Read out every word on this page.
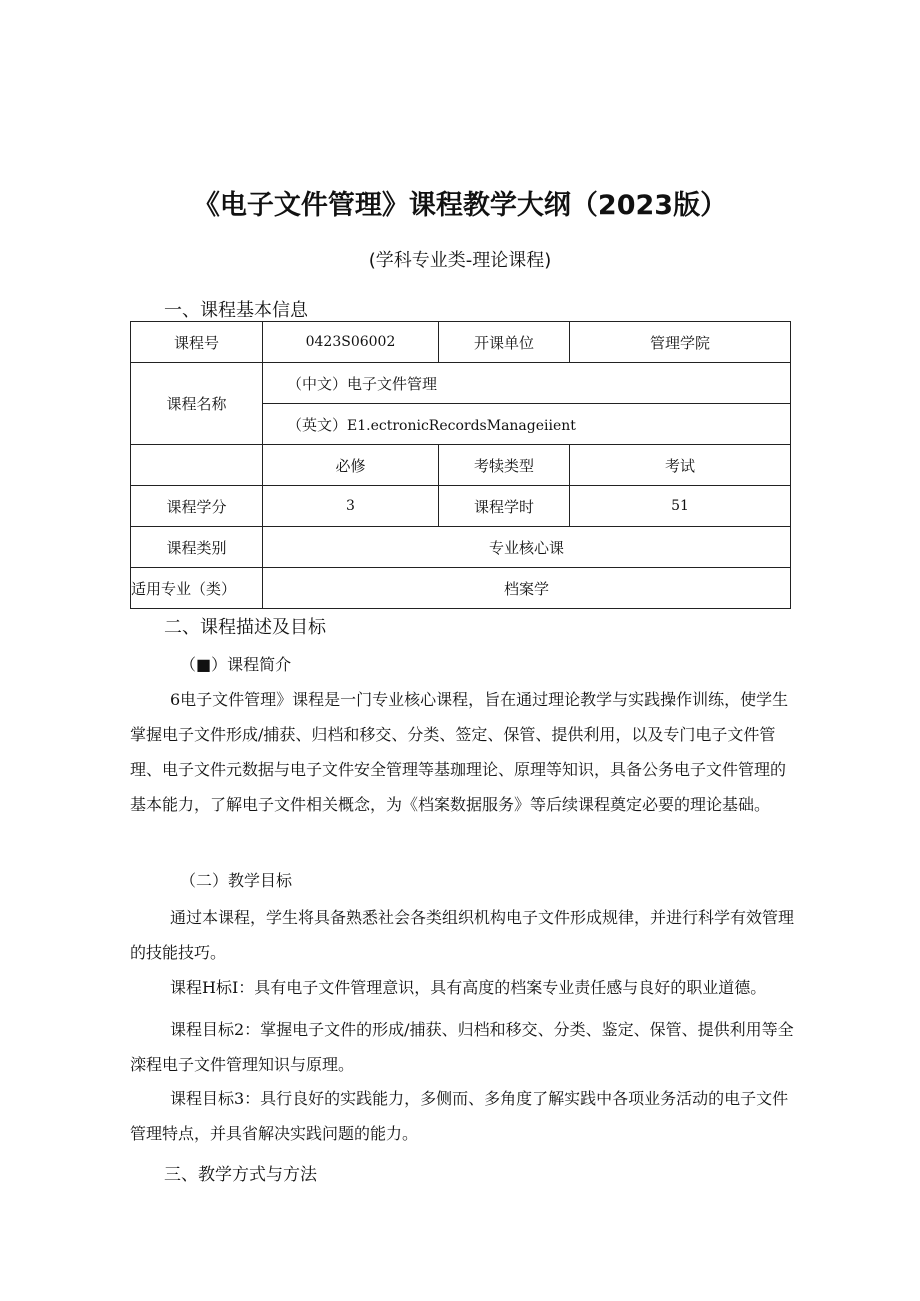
《电子文件管理》课程教学大纲（2023版）
(学科专业类-理论课程)
一、课程基本信息
课程号	0423S06002	开课单位	管理学院
课程名称	（中文）电子文件管理		
	（英文）E1.ectronicRecordsManageiient		
	必修	考犊类型	考试
课程学分	3	课程学时	51
课程类别	专业核心课		
适用专业（类）	档案学		
二、课程描述及目标
（■）课程简介
6电子文件管理》课程是一门专业核心课程，旨在通过理论教学与实践操作训练，使学生掌握电子文件形成/捕获、归档和移交、分类、签定、保管、提供利用，以及专门电子文件管理、电子文件元数据与电子文件安全管理等基珈理论、原理等知识，具备公务电子文件管理的基本能力，了解电子文件相关概念，为《档案数据服务》等后续课程奠定必要的理论基础。
（二）教学目标
通过本课程，学生将具备熟悉社会各类组织机构电子文件形成规律，并进行科学有效管理的技能技巧。
课程H标I：具有电子文件管理意识，具有高度的档案专业责任感与良好的职业道德。
课程目标2：掌握电子文件的形成/捕获、归档和移交、分类、鉴定、保管、提供利用等全滦程电子文件管理知识与原理。
课程目标3：具行良好的实践能力，多侧而、多角度了解实践中各项业务活动的电子文件管理特点，并具省解决实践问题的能力。
三、教学方式与方法
